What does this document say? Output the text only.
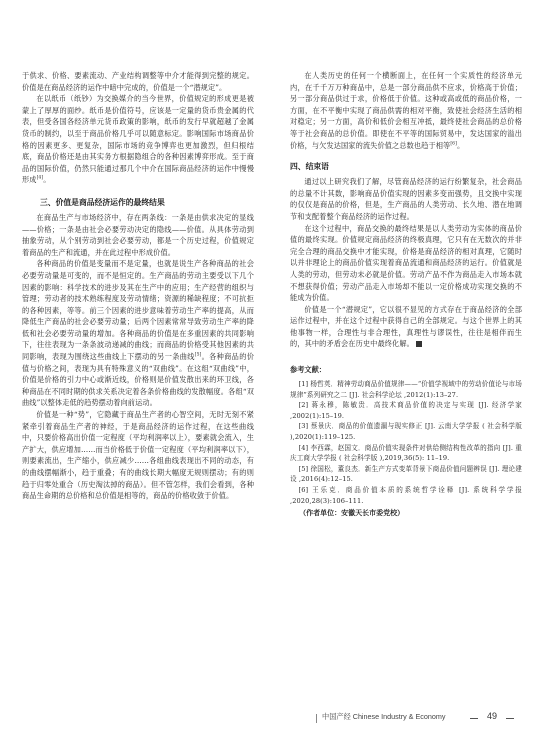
于供求、价格、要素流动、产业结构调整等中介才能得到完整的规定。价值是在商品经济的运作中暗中完成的，价值是一个“潜规定”。

在以纸币（纸钞）为交换媒介的当今世界，价值规定的形成更是被蒙上了厚厚的面纱。纸币是价值符号，应该是一定量的货币贵金属的代表，但受各国各经济单元货币政策的影响，纸币的发行早就超越了金属货币的制约，以至于商品价格几乎可以随意标定。影响国际市场商品价格的因素更多、更复杂，国际市场的竞争博弈也更加激烈，但归根结底，商品价格还是由其实务方根据隐组合的各种因素博弈形成。至于商品的国际价值，仍然只能通过那几个中介在国际商品经济的运作中慢慢形成[4]。

三、价值是商品经济运作的最终结果

在商品生产与市场经济中，存在两条线：一条是由供求决定的显线——价格；一条是由社会必要劳动决定的隐线——价值。从具体劳动到抽象劳动，从个别劳动到社会必要劳动，都是一个历史过程，价值规定着商品的生产和流通，并在此过程中形成价值。

各种商品的价值是变量而不是定量，也就是说生产各种商品的社会必要劳动量是可变的，而不是恒定的。生产商品的劳动主要受以下几个因素的影响：科学技术的进步及其在生产中的应用；生产经营的组织与管理；劳动者的技术熟练程度及劳动情绪；资源的稀缺程度；不可抗拒的各种因素，等等。前三个因素的进步意味着劳动生产率的提高，从而降低生产商品的社会必要劳动量；后两个因素常常导致劳动生产率的降低和社会必要劳动量的增加。各种商品的价值是在多重因素的共同影响下，往往表现为一条条波动递减的曲线；而商品的价格受其他因素的共同影响，表现为围绕这些曲线上下摆动的另一条曲线[5]。各种商品的价值与价格之间，表现为具有特殊意义的“双曲线”。在这组“双曲线”中，价值是价格的引力中心或渐近线，价格则是价值发散出来的环卫线，各种商品在不同时期的供求关系决定着各条价格曲线的发散幅度。各组“双曲线”以整体走低的趋势摆动着向前运动。

价值是一种“势”，它隐藏于商品生产者的心智空间，无时无刻不紧紧牵引着商品生产者的神经，于是商品经济的运作过程，在这些曲线中，只要价格高出价值一定程度（平均利润率以上），要素就会流入，生产扩大，供应增加……而当价格低于价值一定程度（平均利润率以下），则要素流出，生产缩小，供应减少……各组曲线表现出不同的动态，有的曲线摆幅渐小，趋于重叠；有的曲线长期大幅度无规则摆动；有的则趋于归零处重合（历史淘汰掉的商品）。但不管怎样，我们会看到，各种商品生命期的总价格和总价值是相等的，商品的价格收敛于价值。

在人类历史的任何一个横断面上，在任何一个实质性的经济单元内，在千千万万种商品中，总是一部分商品供不应求，价格高于价值；另一部分商品供过于求，价格低于价值。这种或高或低的商品价格，一方面，在不平衡中实现了商品供需的相对平衡，致使社会经济生活的相对稳定；另一方面，高价和低价会相互冲抵，最终使社会商品的总价格等于社会商品的总价值。即使在不平等的国际贸易中，发达国家的溢出价格，与欠发达国家的流失价值之总数也趋于相等[6]。

四、结束语

通过以上研究我们了解，尽管商品经济的运行纷繁复杂，社会商品的总量不计其数，影响商品价值实现的因素多变而强势，且交换中实现的仅仅是商品的价格，但是，生产商品的人类劳动、长久地、潜在地调节和支配着整个商品经济的运作过程。

在这个过程中，商品交换的最终结果是以人类劳动为实体的商品价值的最终实现。价值规定商品经济的终极真理，它只有在无数次的并非完全合理的商品交换中才能实现，价格是商品经济的相对真理，它随时以并非理论上的商品价值实现着商品流通和商品经济的运行。价值就是人类的劳动，但劳动未必就是价值。劳动产品不作为商品走入市场本就不想获得价值；劳动产品走入市场却不能以一定价格成功实现交换的不能成为价值。

价值是一个“潜规定”，它以很不显见的方式存在于商品经济的全部运作过程中，并在这个过程中获得自己的全部规定。与这个世界上的其他事物一样，合理性与非合理性，真理性与谬误性，往往是相伴而生的，其中的矛盾会在历史中最终化解。

参考文献：

[1] 杨哲英．精神劳动商品价值规律——“价值学视域中的劳动价值论与市场规律”系列研究之二 [J]. 社会科学论坛 ,2012(1):13–27.

[2] 蒋永穆，陈敏贵．高技术商品价值的决定与实现 [J]. 经济学家 ,2002(1):15–19.

[3] 蔡景庆．商品的价值遗漏与现实修正 [J]. 云南大学学报 ( 社会科学版 ),2020(1):119–125.

[4] 李西霖，赵国文．商品价值实现条件对供给侧结构性改革的指向 [J]. 重庆工商大学学报 ( 社会科学版 ),2019,36(5): 11–19.

[5] 徐国松，董良杰．新生产方式变革背景下商品价值问题辨误 [J]. 理论建设 ,2016(4):12–15.

[6] 王乐克．商品价值本质的系统哲学诠释 [J]. 系统科学学报 ,2020,28(3):106–111.

（作者单位：安徽天长市委党校）
中国产经 Chinese Industry & Economy	49
